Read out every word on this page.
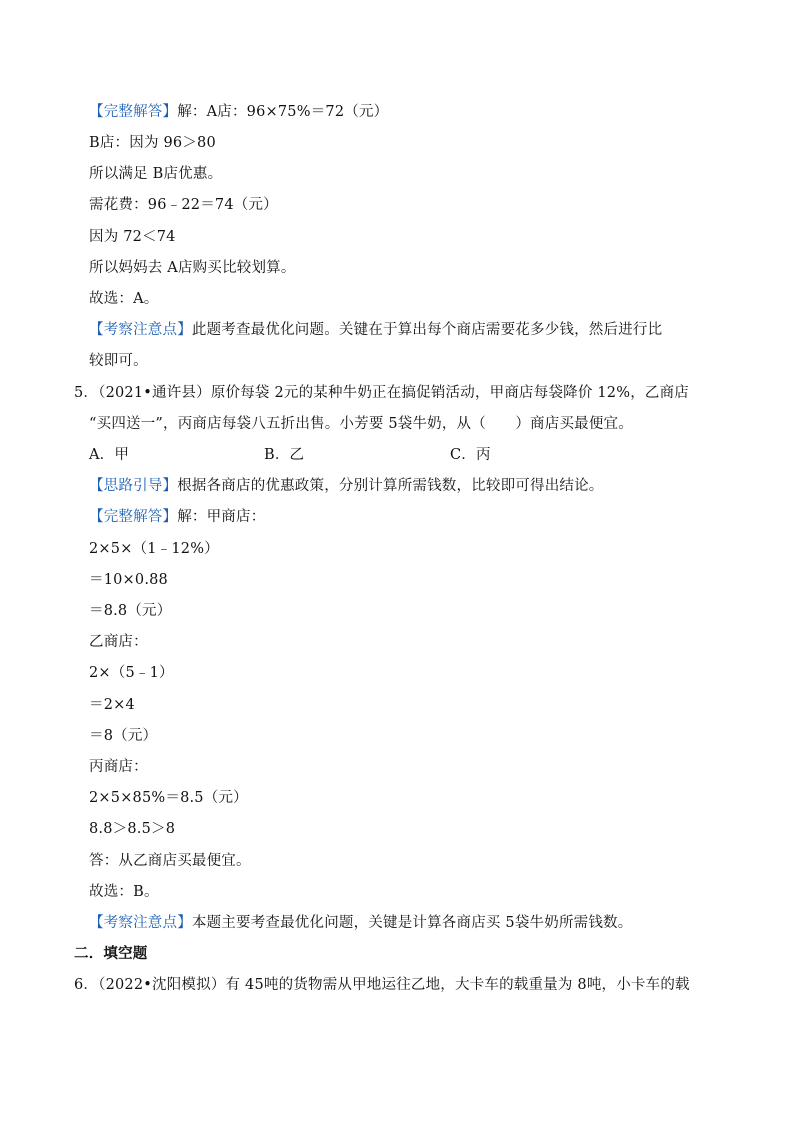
【完整解答】解：A店：96×75%＝72（元）
B店：因为 96＞80
所以满足 B店优惠。
需花费：96﹣22＝74（元）
因为 72＜74
所以妈妈去 A店购买比较划算。
故选：A。
【考察注意点】此题考查最优化问题。关键在于算出每个商店需要花多少钱，然后进行比
较即可。
5．（2021•通许县）原价每袋 2元的某种牛奶正在搞促销活动，甲商店每袋降价 12%，乙商店
“买四送一”，丙商店每袋八五折出售。小芳要 5袋牛奶，从（　　）商店买最便宜。

A．甲

	B．乙

	C．丙

【思路引导】根据各商店的优惠政策，分别计算所需钱数，比较即可得出结论。
【完整解答】解：甲商店：
2×5×（1﹣12%）
＝10×0.88
＝8.8（元）
乙商店：
2×（5﹣1）
＝2×4
＝8（元）
丙商店：
2×5×85%＝8.5（元）
8.8＞8.5＞8
答：从乙商店买最便宜。
故选：B。
【考察注意点】本题主要考查最优化问题，关键是计算各商店买 5袋牛奶所需钱数。
二．填空题
6．（2022•沈阳模拟）有 45吨的货物需从甲地运往乙地，大卡车的载重量为 8吨，小卡车的载
